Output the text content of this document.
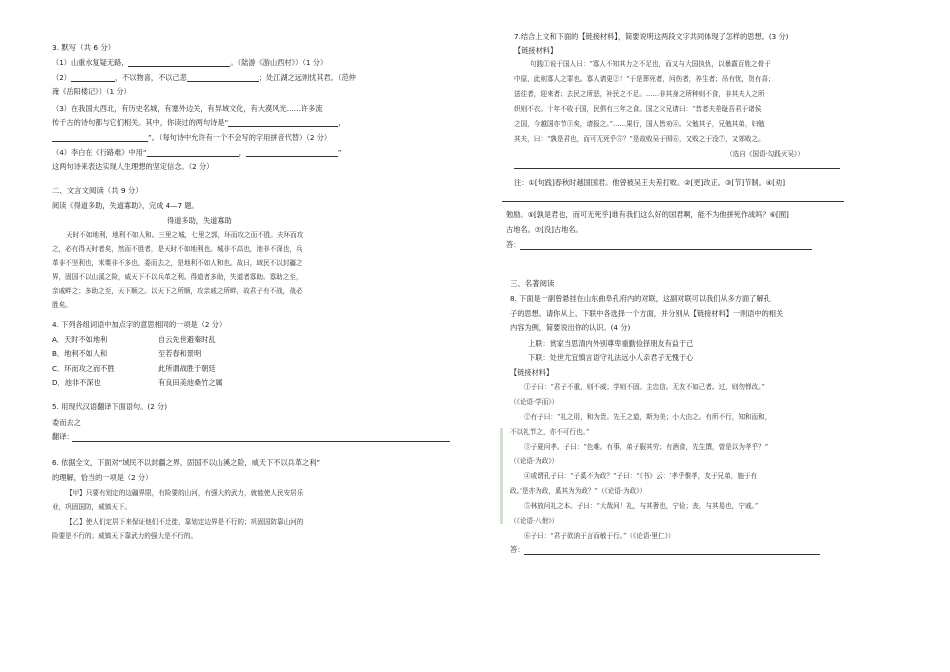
3. 默写（共 6 分）
（1）山重水复疑无路，	。（陆游《游山西村》）（1 分）
（2）	，不以物喜，不以己悲	；处江湖之远则忧其君。（范仲
淹《岳阳楼记》）（1 分）
（3）在我国大西北，有历史名城，有塞外边关，有异域文化，有大漠风光……许多流
传千古的诗句都与它们相关。其中，你读过的两句诗是“	，
”。（每句诗中允许有一个不会写的字用拼音代替）（2 分）
（4）李白在《行路难》中用“	，	”
这两句诗来表达实现人生理想的坚定信念。（2 分）
二、文言文阅读（共 9 分）
阅读《得道多助，失道寡助》，完成 4—7 题。
得道多助，失道寡助
天时不如地利，地利不如人和。三里之城，七里之郭，环而攻之而不胜。夫环而攻
之，必有得天时者矣，然而不胜者，是天时不如地利也。城非不高也，池非不深也，兵
革非不坚利也，米粟非不多也，委而去之，是地利不如人和也。故曰，域民不以封疆之
界，固国不以山溪之险，威天下不以兵革之利。得道者多助，失道者寡助。寡助之至，
亲戚畔之；多助之至，天下顺之。以天下之所顺，攻亲戚之所畔，故君子有不战，战必
胜矣。
4. 下列各组词语中加点字的意思相同的一项是（2 分）
A．天时不如地利	自云先世避秦时乱
B．地利不如人和	至若春和景明
C．环而攻之而不胜	此所谓战胜于朝廷
D．池非不深也	有良田美池桑竹之属
5. 用现代汉语翻译下面语句。(2 分)
委而去之
翻译：
6. 依据全文，下面对“域民不以封疆之界，固国不以山溪之险，威天下不以兵革之利”
的理解，恰当的一项是（2 分）
【甲】只要有划定的边疆界限，有险要的山河，有强大的武力，就能使人民安居乐
业，巩固国防，威镇天下。
【乙】使人们定居下来保证他们不迁徙，靠划定边界是不行的；巩固国防靠山河的
险要是不行的；威镇天下靠武力的强大是不行的。
7.结合上文和下面的【链接材料】，简要说明这两段文字共同体现了怎样的思想。(3 分)
【链接材料】
句践①说于国人曰：“寡人不知其力之不足也，而又与大国执仇，以暴露百姓之骨于
中原，此则寡人之罪也。寡人请更②！”于是葬死者，问伤者，养生者；吊有忧，贺有喜；
送往者，迎来者；去民之所恶，补民之不足。……非其身之所种则不食，非其夫人之所
织则不衣。十年不收于国，民俱有三年之食。国之父兄请曰：“昔者夫差耻吾君于诸侯
之国，今越国亦节③矣，请报之。”……果行，国人皆劝④。父勉其子，兄勉其弟，妇勉
其夫，曰：“孰是君也，而可无死乎⑤？”是故败吴于囿⑥，又败之于没⑦，又郊败之。
（选自《国语·勾践灭吴》）
注：①[句践]春秋时越国国君。他曾被吴王夫差打败。②[更]改正。③[节]节制。④[劝]
勉励。⑤[孰是君也，而可无死乎]谁有我们这么好的国君啊，能不为他拼死作战吗？⑥[囿]
古地名。⑦[没]古地名。
答：
三、名著阅读
8. 下面是一副曾悬挂在山东曲阜孔府内的对联，这副对联可以我们从多方面了解孔
子的思想。请你从上、下联中各选择一个方面，并分别从【链接材料】一则语中的相关
内容为例，简要说出你的认识。(4 分)
上联：赏家当思清内外别尊卑重勤俭择朋友有益于己
下联：处世尤宜慎言语守礼法远小人亲君子无愧于心
【链接材料】
①子曰：“君子不重，则不威；学则不固。主忠信。无友不如己者。过，则勿惮改。”
（《论语·学而》）
②有子曰：“礼之用，和为贵。先王之道，斯为美；小大由之。有所不行，知和而和，
不以礼节之，亦不可行也。”
③子夏问孝。子曰：“色难。有事，弟子服其劳；有酒食，先生馔，曾是以为孝乎？”
（《论语·为政》）
④或谓孔子曰：“子奚不为政？”子曰：“《书》云：‘孝乎惟孝，友于兄弟，施于有
政。’是亦为政，奚其为为政？”（《论语·为政》）
⑤林放问礼之本。子曰：“大哉问！礼，与其奢也，宁俭；丧，与其易也，宁戚。”
（《论语·八佾》）
⑥子曰：“君子欲讷于言而敏于行。”（《论语·里仁》）
答：
